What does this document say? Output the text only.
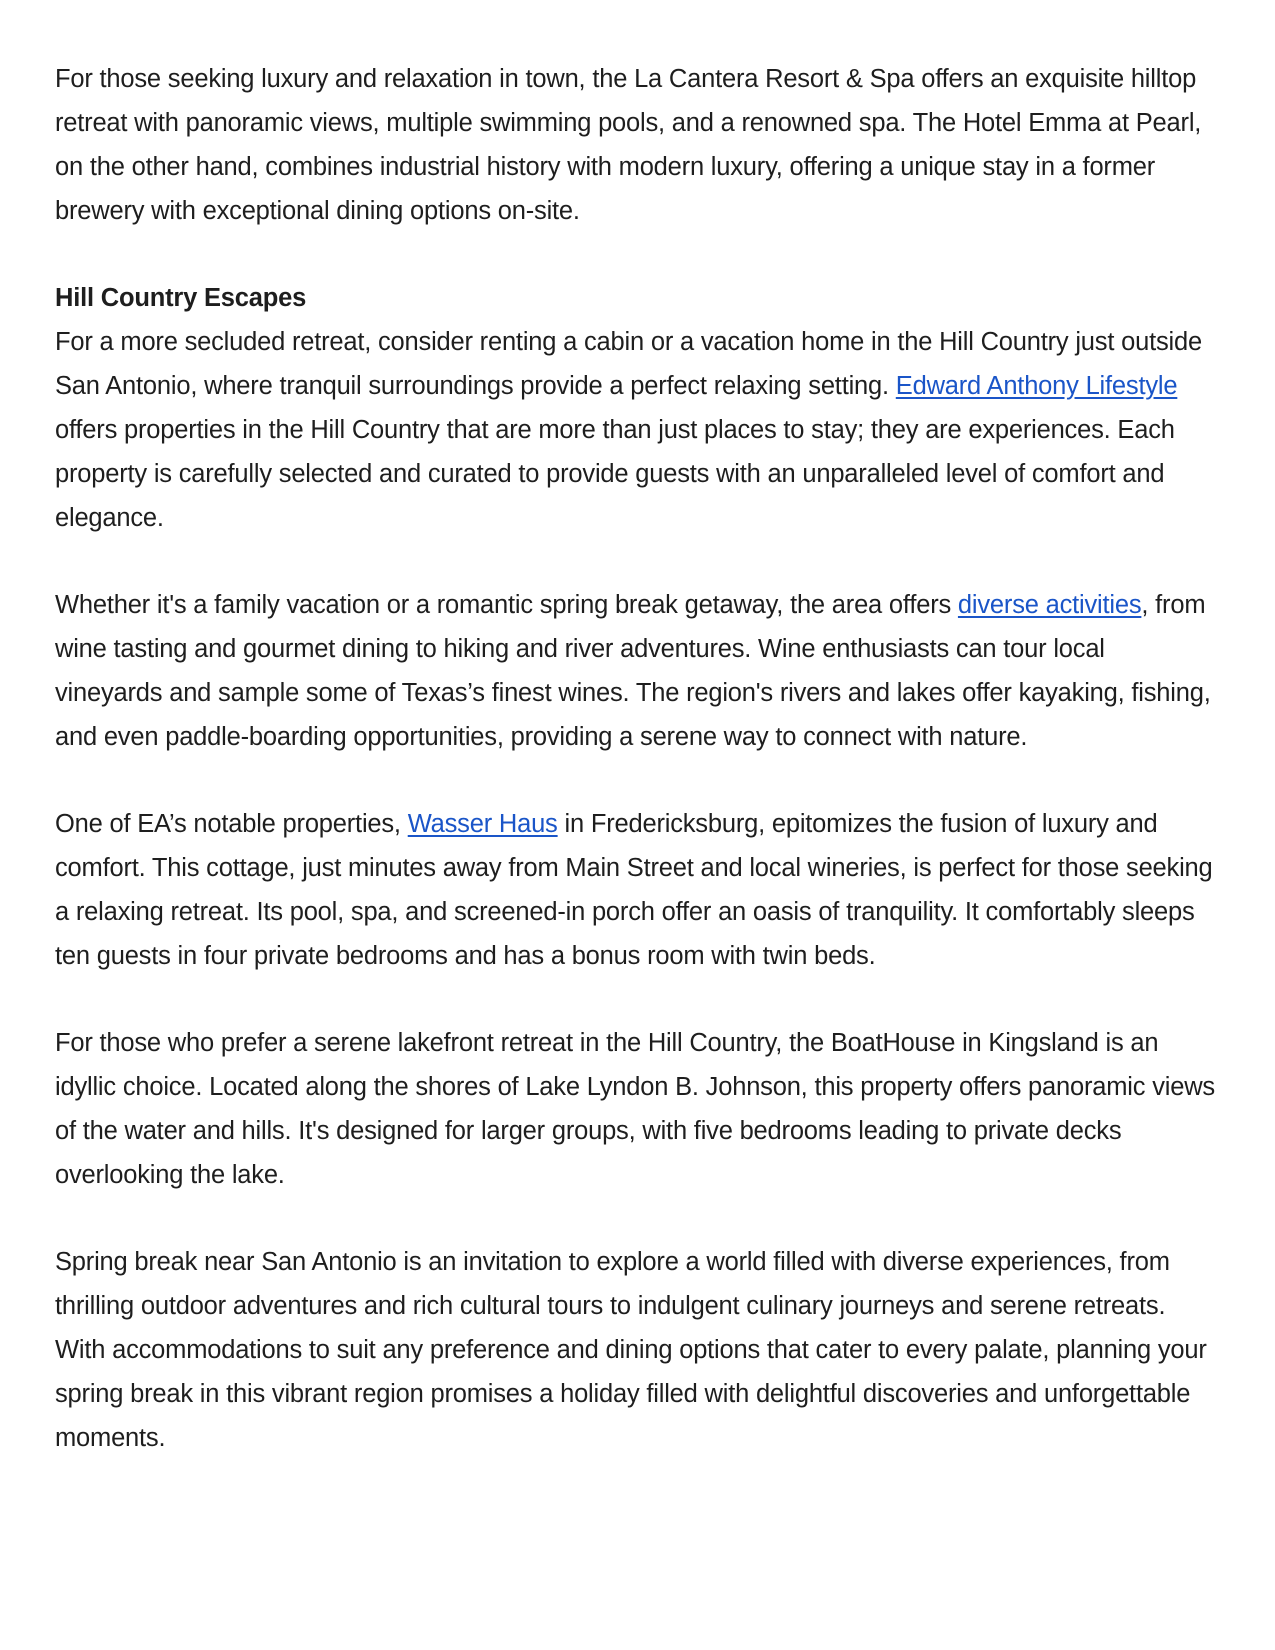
For those seeking luxury and relaxation in town, the La Cantera Resort & Spa offers an exquisite hilltop retreat with panoramic views, multiple swimming pools, and a renowned spa. The Hotel Emma at Pearl, on the other hand, combines industrial history with modern luxury, offering a unique stay in a former brewery with exceptional dining options on-site.

Hill Country Escapes

For a more secluded retreat, consider renting a cabin or a vacation home in the Hill Country just outside San Antonio, where tranquil surroundings provide a perfect relaxing setting. Edward Anthony Lifestyle offers properties in the Hill Country that are more than just places to stay; they are experiences. Each property is carefully selected and curated to provide guests with an unparalleled level of comfort and elegance.

Whether it's a family vacation or a romantic spring break getaway, the area offers diverse activities, from wine tasting and gourmet dining to hiking and river adventures. Wine enthusiasts can tour local vineyards and sample some of Texas’s finest wines. The region's rivers and lakes offer kayaking, fishing, and even paddle-boarding opportunities, providing a serene way to connect with nature.

One of EA’s notable properties, Wasser Haus in Fredericksburg, epitomizes the fusion of luxury and comfort. This cottage, just minutes away from Main Street and local wineries, is perfect for those seeking a relaxing retreat. Its pool, spa, and screened-in porch offer an oasis of tranquility. It comfortably sleeps ten guests in four private bedrooms and has a bonus room with twin beds.

For those who prefer a serene lakefront retreat in the Hill Country, the BoatHouse in Kingsland is an idyllic choice. Located along the shores of Lake Lyndon B. Johnson, this property offers panoramic views of the water and hills. It's designed for larger groups, with five bedrooms leading to private decks overlooking the lake.

Spring break near San Antonio is an invitation to explore a world filled with diverse experiences, from thrilling outdoor adventures and rich cultural tours to indulgent culinary journeys and serene retreats. With accommodations to suit any preference and dining options that cater to every palate, planning your spring break in this vibrant region promises a holiday filled with delightful discoveries and unforgettable moments.
